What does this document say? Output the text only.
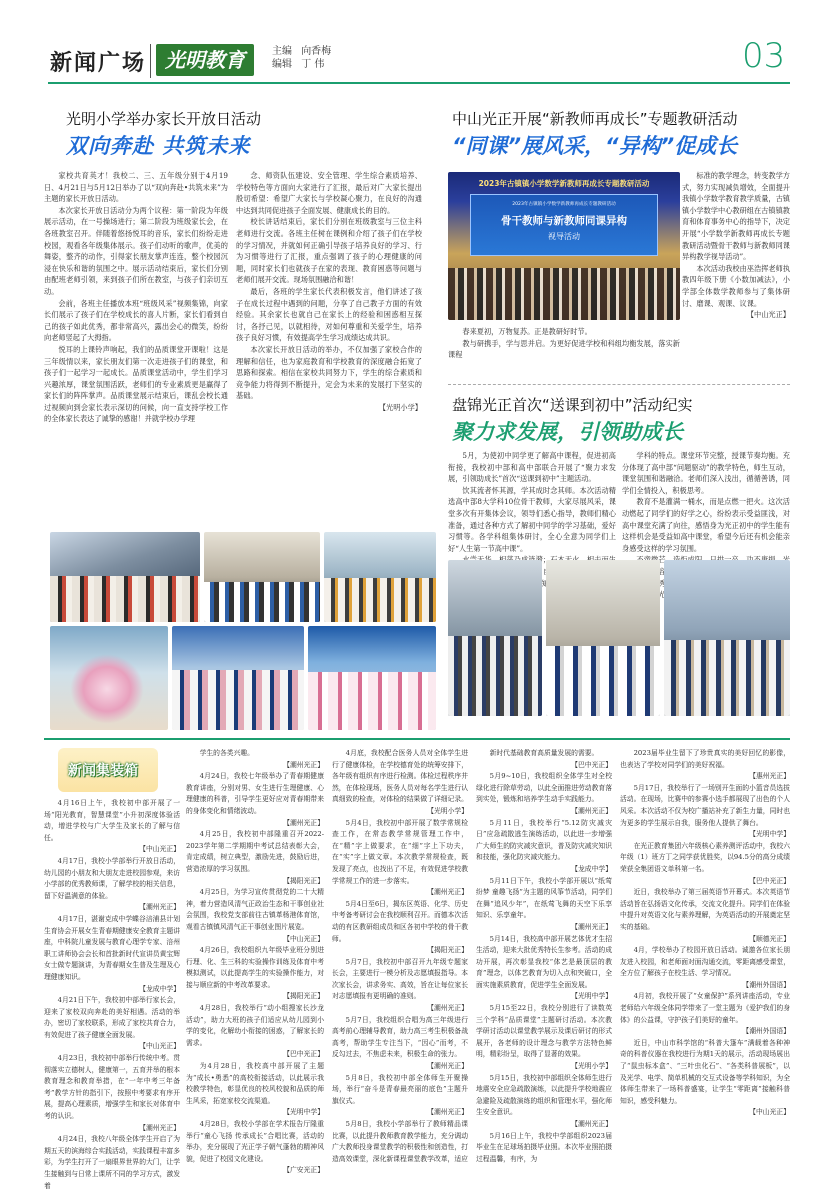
新闻广场 光明教育	主编 向香梅
编辑 丁 伟	03
光明小学举办家长开放日活动
双向奔赴 共筑未来

家校共育英才！我校二、三、五年级分别于4月19日、4月21日与5月12日举办了以“双向奔赴•共筑未来”为主题的家长开放日活动。

本次家长开放日活动分为两个议程：第一阶段为年级展示活动，在一号操场进行；第二阶段为班级家长会，在各班教室召开。伴随着悠扬悦耳的音乐，家长们纷纷走进校园，观看各年级集体展示。孩子们动听的歌声，优美的舞姿，整齐的动作，引得家长朋友掌声连连，整个校园沉浸在快乐和谐的氛围之中。展示活动结束后，家长们分别由配班老师引领，来到孩子们所在教室，与孩子们亲切互动。

会前，各班主任播放本班“班级风采”视频集锦，向家长们展示了孩子们在学校成长的喜人片断，家长们看到自己的孩子如此优秀，都非常高兴，露出会心的微笑，纷纷向老师竖起了大拇指。

悦耳的上课铃声响起，我们的品质课堂开课啦！这是三年级情以来，家长朋友们第一次走进孩子们的课堂，和孩子们一起学习一起成长。品质课堂活动中，学生们学习兴趣浓厚，课堂氛围活跃，老师们的专业素质更是赢得了家长们的阵阵掌声。品质课堂展示结束后，课乱会校长通过视频向到会家长表示深切的问候，向一直支持学校工作的全体家长表达了诚挚的感谢！并就学校办学理

念、师资队伍建设、安全管理、学生综合素质培养、学校特色等方面向大家进行了汇报，最后对广大家长提出殷切希望：希望广大家长与学校凝心聚力，在良好的沟通中达到共同促进孩子全面发展、健康成长的目的。

校长讲话结束后，家长们分别在班级教室与三位主科老师进行交流。各班主任树在课例和介绍了孩子们在学校的学习情况，并就如何正确引导孩子培养良好的学习、行为习惯等进行了汇报，重点强调了孩子的心理健康的问题，同时家长们也就孩子在家的表现、教育困惑等问题与老师们展开交流。现场氛围融洽和谐！

最后，各班的学生家长代表积极发言，他们讲述了孩子在成长过程中遇到的问题，分享了自己教子方面的有效经验。其余家长也就自己在家长上的经验和困惑相互探讨，各抒己见，以就相待，对如何尊重和关爱学生，培养孩子良好习惯，有效提高学生学习成绩达成共识。

本次家长开放日活动的举办，不仅加强了家校合作的理解和信任，也为家庭教育和学校教育的深度融合拓宽了思路和探索。相信在家校共同努力下，学生的综合素质和竞争能力将得到不断提升，定会为未来的发展打下坚实的基础。

【光明小学】

中山光正开展“新教师再成长”专题教研活动
“同课”展风采，“异构”促成长
2023年古镇镇小学数学新教师再成长专题教研活动
2023年古镇镇小学数学新教师再成长专题教研活动
骨干教师与新教师同课异构
视导活动

春来夏初，万物复苏。正是教研好时节。

教与研携手，学与思并启。为更好促进学校和科组均衡发展，落实新课程

标准的教学理念，转变教学方式，努力实现减负增效，全面提升我镇小学数学教育教学质量，古镇镇小学数学中心教研组在古镇镇教育和体育事务中心的指导下，决定开展“小学数学新教师再成长专题教研活动暨骨干教师与新教师同课异构教学视导活动”。

本次活动我校由巫浩挥老师执教四年级下册《小数加减法》，小学部全体数学教师参与了集体研讨、磨课、观课、议课。

【中山光正】

盘锦光正首次“送课到初中”活动纪实
聚力求发展，引领助成长

5月，为使初中同学更了解高中课程，促进初高衔接，我校初中部和高中部联合开展了“聚力求发展，引领助成长”首次“送课到初中”主题活动。

饮其流者怀其源，学其成时念其师。本次活动精选高中部8大学科10位骨干教师，大家尽展风采，课堂多次有开集体会议，领导们悉心指导，教师们精心准备，通过各种方式了解初中同学的学习基础，爱好习惯等。各学科组集体研讨，全心全意为同学们上好“人生第一节高中课”。

学科的特点。课堂环节完整，授课节奏均衡。充分体现了高中部“问题驱动”的教学特色，师生互动，课堂氛围和谐融洽。老师们深入浅出，循循善诱，同学们全情投入，积极思考。

教育不是灌满一桶水，而是点燃一把火。这次活动燃起了同学们的好学之心，纷纷表示受益匪浅，对高中课堂充满了向往，感悟身为光正初中的学生能有这样机会是受益如高中课堂，希望今后还有机会能亲身感受这样的学习氛围。

新闻集装箱

4月16日上午，我校初中部开展了一场“阳光教育，智慧课堂”小升初深度体验活动，增进学校与广大学生及家长的了解与信任。

【中山光正】

4月17日，我校小学部举行开放日活动，幼儿园的小朋友和大朋友走进校园参观，来访小学部的优秀教师课，了解学校的相关信息，留下好温满意的体验。

【潮州光正】

4月17日，湛谢克成中学蝶谷涪浦县计划生育协会开展女生青春期健康安全教育主题讲座，中科院儿童发展与教育心理学专家、涪州职工讲师协会会长和首批新时代宣讲员黄宝辉女士做专题演讲，为青春期女生普及生理及心理健康知识。

【龙成中学】

4月21日下午，我校初中部举行家长会，迎来了家校双向奔赴的美好相遇。活动的举办，密切了家校联系，形成了家校共育合力，有效促进了孩子健康全面发展。

【中山光正】

4月23日，我校初中部举行传统中考。贯彻落实立德树人，健康第一，五育并举的根本教育理念和教育举措，在“一年中考三年备考”教学方针的指引下，按照中考要求有序开展，提高心理素质，增强学生和家长对体育中考的认识。

【潮州光正】

4月24日，我校八年级全体学生开启了为期五天的滨海综合实践活动，实践课程丰富多彩，为学生打开了一扇眼界世界的大门，让学生接触到与日常上课所不同的学习方式，激发着

学生的各类兴趣。

【潮州光正】

4月24日，我校七年级举办了青春期健康教育讲座，分别对男、女生进行生理健康、心理健康的科普，引导学生更好应对青春期带来的身体变化和情绪波动。

【潮州光正】

4月25日，我校初中部隆重召开2022-2023学年第二学期期中考试总结表彰大会，肯定成绩，树立典型，激励先进，鼓励后进，营造浓厚的学习氛围。

【揭阳光正】

4月25日，为学习宣传贯彻党的二十大精神，着力营造风清气正政治生态和干事创业社会氛围，我校党支部前往古镇革杨港体育馆，观看古镇镇风清气正干事创业图片展览。

【中山光正】

4月26日，我校组织九年级毕业班分别进行理、化、生三科的实验操作训练及体育中考模拟测试，以此提高学生的实验操作能力，对接与顺应新的中考改革要求。

【揭阳光正】

4月28日，我校举行“动小组搜家长沙龙活动”，助力大班的孩子们适应从幼儿园到小学的变化，化解幼小衔接的困惑，了解家长的需求。

【巴中光正】

为4月28日，我校高中部开展了主题为“成长•勇悉”的高校衔接活动，以此展示我校教学特色，彰显优良的校风校貌和品质的师生风采，拓宽家校交流渠道。

【光明中学】

4月28日，我校小学部在学术报告厅隆重举行“童心飞扬 传承成长”合唱比赛，活动的举办，充分展现了光正学子朝气蓬勃的精神风貌，促进了校园文化建设。

【广安光正】

4月底，我校配合医务人员对全体学生进行了健康体检，在学校德育处的统筹安排下，各年级有组织有序进行检测。体检过程秩序井然，在体检现场，医务人员对每名学生进行认真细致的检查，对体检的结果做了详细记录。

【光明小学】

5月4日，我校初中部开展了数学常规检查工作，在常态教学常规管理工作中，在“精”字上做要求，在“细”字上下功夫，在“实”字上做文章。本次教学常规检查，既发现了亮点，也找出了不足，有效促进学校教学常规工作的进一步落实。

【潮州光正】

5月4日至6日，揭东区英语、化学、历史中考备考研讨会在我校顺利召开。而德本次活动的有区教研组成员和区各初中学校的骨干教师。

【揭阳光正】

5月7日，我校初中部召开九年级专题家长会，主要进行一模分析及志愿填报指导。本次家长会，讲求务实、高效，旨在让每位家长对志愿填报有更明确的准则。

【潮州光正】

5月7日，我校组织合唱为高三年级进行高考前心理辅导教育，助力高三考生积极备战高考，帮助学生专注当下，“因心”而考，不反勾过去，不焦虑未来，积极生命的张力。

【潮州光正】

5月8日，我校初中部全体师生开聚操场，举行“奋斗是青春最亮丽的底色”主题升旗仪式。

【潮州光正】

5月8日，我校小学部举行了教师精品课比赛，以此提升教师教育教学能力，充分调动广大教师投身课堂教学的积极性和创造性，打造高效课堂，深化新课程课堂教学改革，适应

新时代基础教育高质量发展的需要。

【巴中光正】

5月9~10日，我校组织全体学生对全校绿化进行除草劳动，以此全面推进劳动教育落到实处，锻炼和培养学生动手实践能力。

【潮州光正】

5月11日，我校举行“5.12防灾减灾日”应急疏散逃生演练活动，以此进一步增强广大师生的防灾减灾意识，普及防灾减灾知识和技能，强化防灾减灾能力。

【龙成中学】

5月11日下午，我校小学部开展以“纸莺纷梦 童趣飞扬”为主题的风筝节活动，同学们在舞“追风少年”，在纸莺飞舞的天空下乐享知识、乐享童年。

【潮州光正】

5月14日，我校高中部开展艺体优才生招生活动，迎来大批优秀特长生参考。活动的成功开展，再次彰显我校“体艺是最顶层的教育”理念，以体艺教育为切入点和突破口，全面实施素质教育，促进学生全面发展。

【光明中学】

5月15至22日，我校分别进行了读数英三个学科“品质课堂”主题研讨活动。本次教学研讨活动以课堂教学展示及课后研讨的形式展开，各老师的设计理念与教学方法特色鲜明，精彩纷呈，取得了显著的效果。

【光明小学】

5月15日，我校初中部组织全体师生进行地震安全应急疏散演练，以此提升学校地震应急避险及疏散演练的组织和管理水平，强化师生安全意识。

【潮州光正】

5月16日上午，我校中学部组织2023届毕业生在足球场拍摄毕业照。本次毕业照拍摄过程温馨，有序，为

2023届毕业生留下了珍贵真实的美好回忆的影像，也表达了学校对同学们的美好祝福。

【惠州光正】

5月17日，我校举行了一场别开生面的小篮音员选拔活动。在现场，比赛中的参赛小选手都展现了出色的个人风采。本次活动不仅为校广播站补充了新生力量，同时也为更多的学生展示自我，服务他人提供了舞台。

【光明中学】

在光正教育集团六年级核心素养测评活动中，我校六年级（1）班方丁之同学获优胜奖，以94.5分的高分成绩荣获全集团语文单科第一名。

【巴中光正】

近日，我校举办了第三届英语节开幕式。本次英语节活动旨在弘扬语文化传承，交流文化提升。同学们在体验中提升对英语文化与素养理解，为英语活动的开展奠定坚实的基础。

【顺德光正】

4月，学校举办了校园开放日活动。诚邀各位家长朋友进入校园，和老师面对面沟通交流，零距离感受课堂，全方位了解孩子在校生活、学习情况。

【潮州外国语】

4月初，我校开展了“女童保护”系列讲座活动，专业老师给六年级全体同学带来了一堂主题为《爱护我们的身体》的公益课，守护孩子们美好的童年。

【潮州外国语】

近日，中山市科学馆的“科普大篷车”满载着各种神奇的科普仪器在我校进行为期1天的展示，活动现场展出了“鼠虫标本盒”、“三叶虫化石”、“各类科普展板”，以及光学、电学、简单机械的交互式设备等学科知识，为全体师生带来了一场科普盛宴，让学生“零距离”接触科普知识，感受科魅力。

【中山光正】
